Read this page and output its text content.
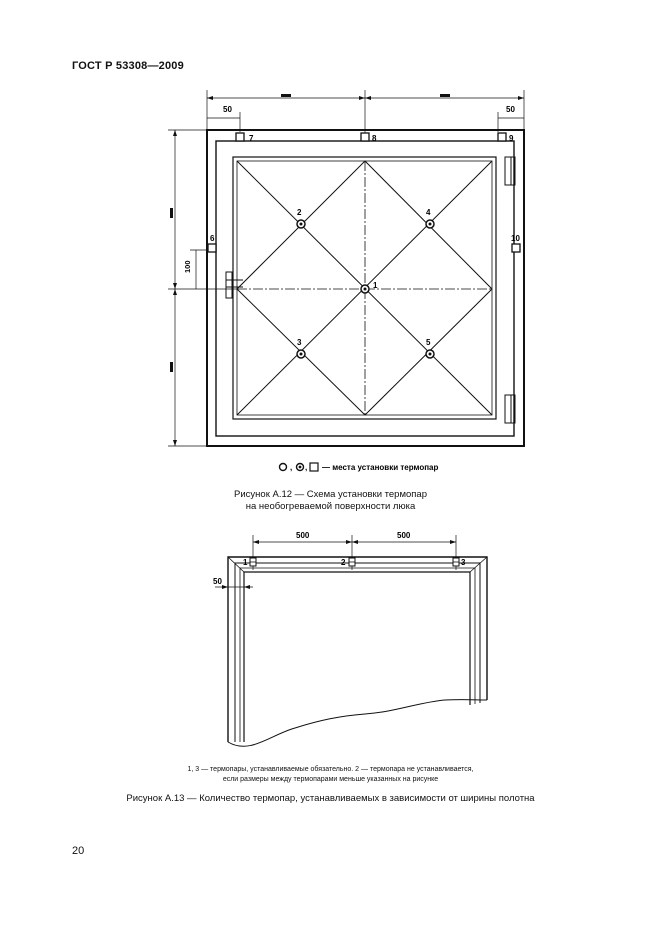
ГОСТ Р 53308—2009
50	50
100
1
2
3
4
5
7	8	9
6	10
, , — места установки термопар
Рисунок А.12 — Схема установки термопар
на необогреваемой поверхности люка
500	500
50
1	2	3
1, 3 — термопары, устанавливаемые обязательно. 2 — термопара не устанавливается,
если размеры между термопарами меньше указанных на рисунке
Рисунок А.13 — Количество термопар, устанавливаемых в зависимости от ширины полотна
20
